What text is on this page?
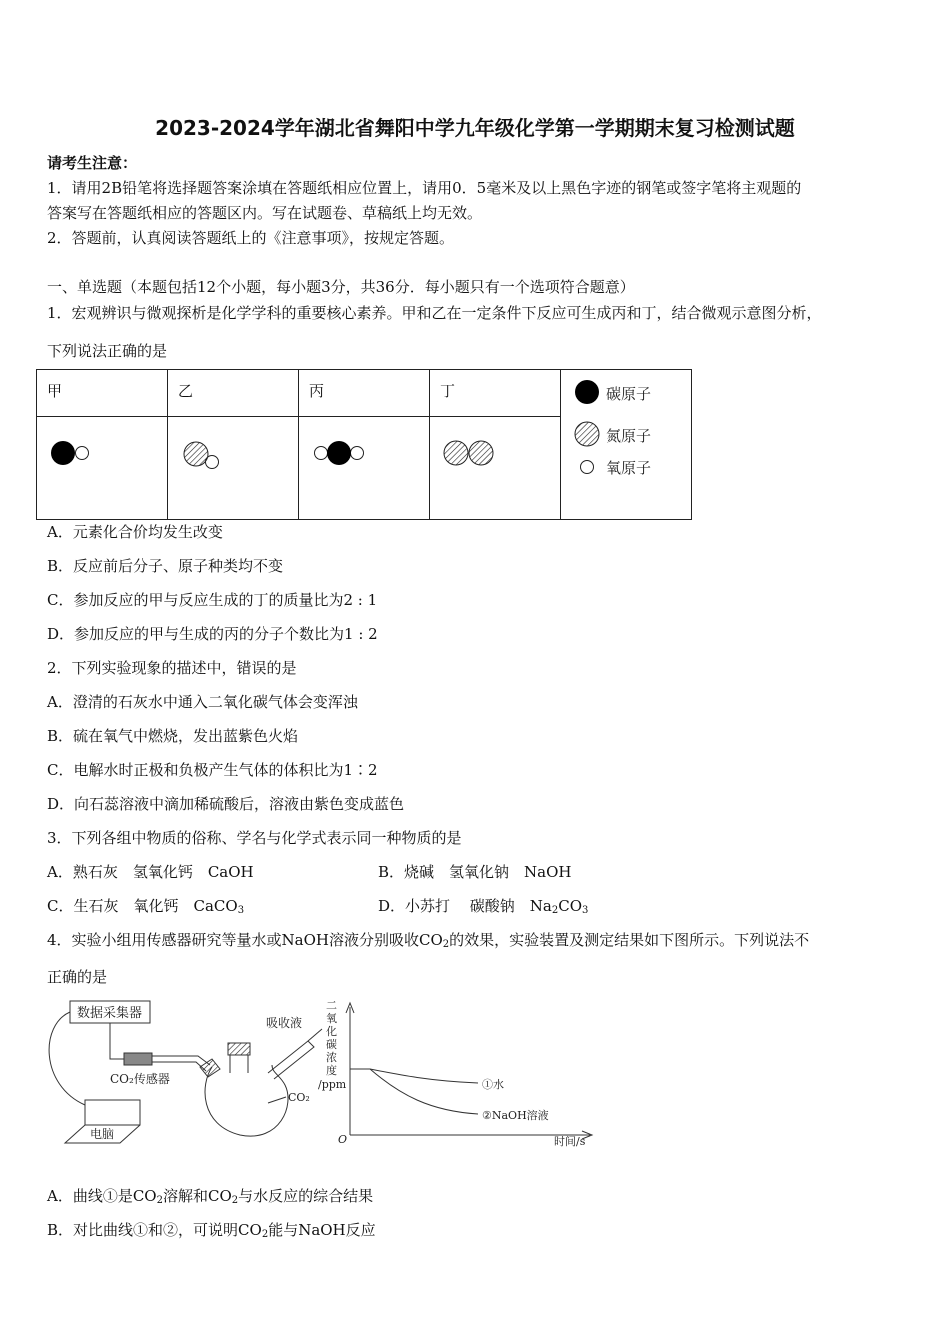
2023-2024学年湖北省舞阳中学九年级化学第一学期期末复习检测试题
请考生注意：
1．请用2B铅笔将选择题答案涂填在答题纸相应位置上，请用0．5毫米及以上黑色字迹的钢笔或签字笔将主观题的
答案写在答题纸相应的答题区内。写在试题卷、草稿纸上均无效。
2．答题前，认真阅读答题纸上的《注意事项》，按规定答题。
一、单选题（本题包括12个小题，每小题3分，共36分．每小题只有一个选项符合题意）
1．宏观辨识与微观探析是化学学科的重要核心素养。甲和乙在一定条件下反应可生成丙和丁，结合微观示意图分析，
下列说法正确的是
甲	乙	丙	丁	碳原子
氮原子
氧原子

A．元素化合价均发生改变
B．反应前后分子、原子种类均不变
C．参加反应的甲与反应生成的丁的质量比为2 : 1
D．参加反应的甲与生成的丙的分子个数比为1 : 2
2．下列实验现象的描述中，错误的是
A．澄清的石灰水中通入二氧化碳气体会变浑浊
B．硫在氧气中燃烧，发出蓝紫色火焰
C．电解水时正极和负极产生气体的体积比为1∶2
D．向石蕊溶液中滴加稀硫酸后，溶液由紫色变成蓝色
3．下列各组中物质的俗称、学名与化学式表示同一种物质的是
A．熟石灰　氢氧化钙　CaOH	B．烧碱　氢氧化钠　NaOH
C．生石灰　氧化钙　CaCO$_3$	D．小苏打　 碳酸钠　$Na_2CO_3$
4．实验小组用传感器研究等量水或NaOH溶液分别吸收$CO_2$的效果，实验装置及测定结果如下图所示。下列说法不
正确的是
数据采集器
CO₂传感器
电脑
吸收液
CO₂
二
氧
化
碳
浓
度
/ppm
O	时间/s
①水
②NaOH溶液
A．曲线①是$CO_2$溶解和$CO_2$与水反应的综合结果
B．对比曲线①和②，可说明$CO_2$能与NaOH反应
